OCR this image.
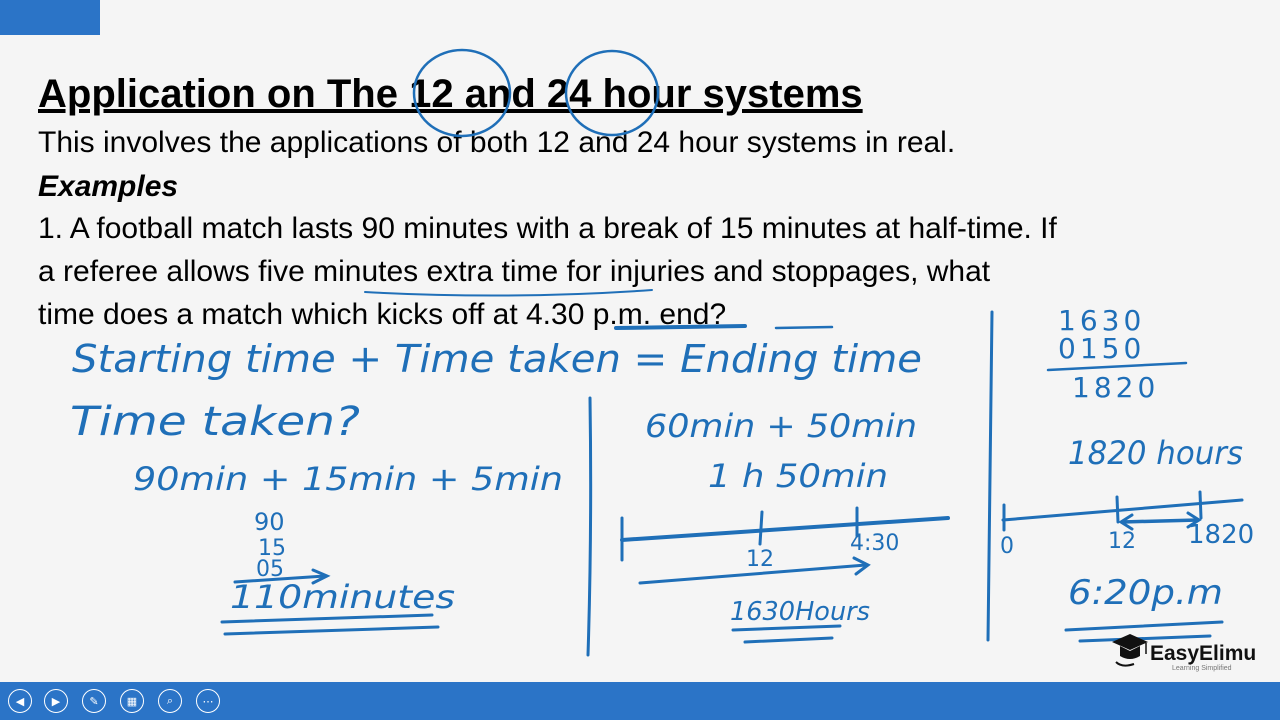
Application on The 12 and 24 hour systems
This involves the applications of both 12 and 24 hour systems in real.
Examples
1. A football match lasts 90 minutes with a break of 15 minutes at half-time. If
a referee allows five minutes extra time for injuries and stoppages, what
time does a match which kicks off at 4.30 p.m. end?
Starting time + Time taken = Ending time
Time taken?
90min + 15min + 5min
90
15
05
110minutes
60min + 50min
1 h 50min
12
4:30
1630Hours
1630
0150
1820
1820 hours
0	12 1820
6:20p.m
EasyElimu
Learning Simplified
◀	▶	✎	▦	⌕	⋯
